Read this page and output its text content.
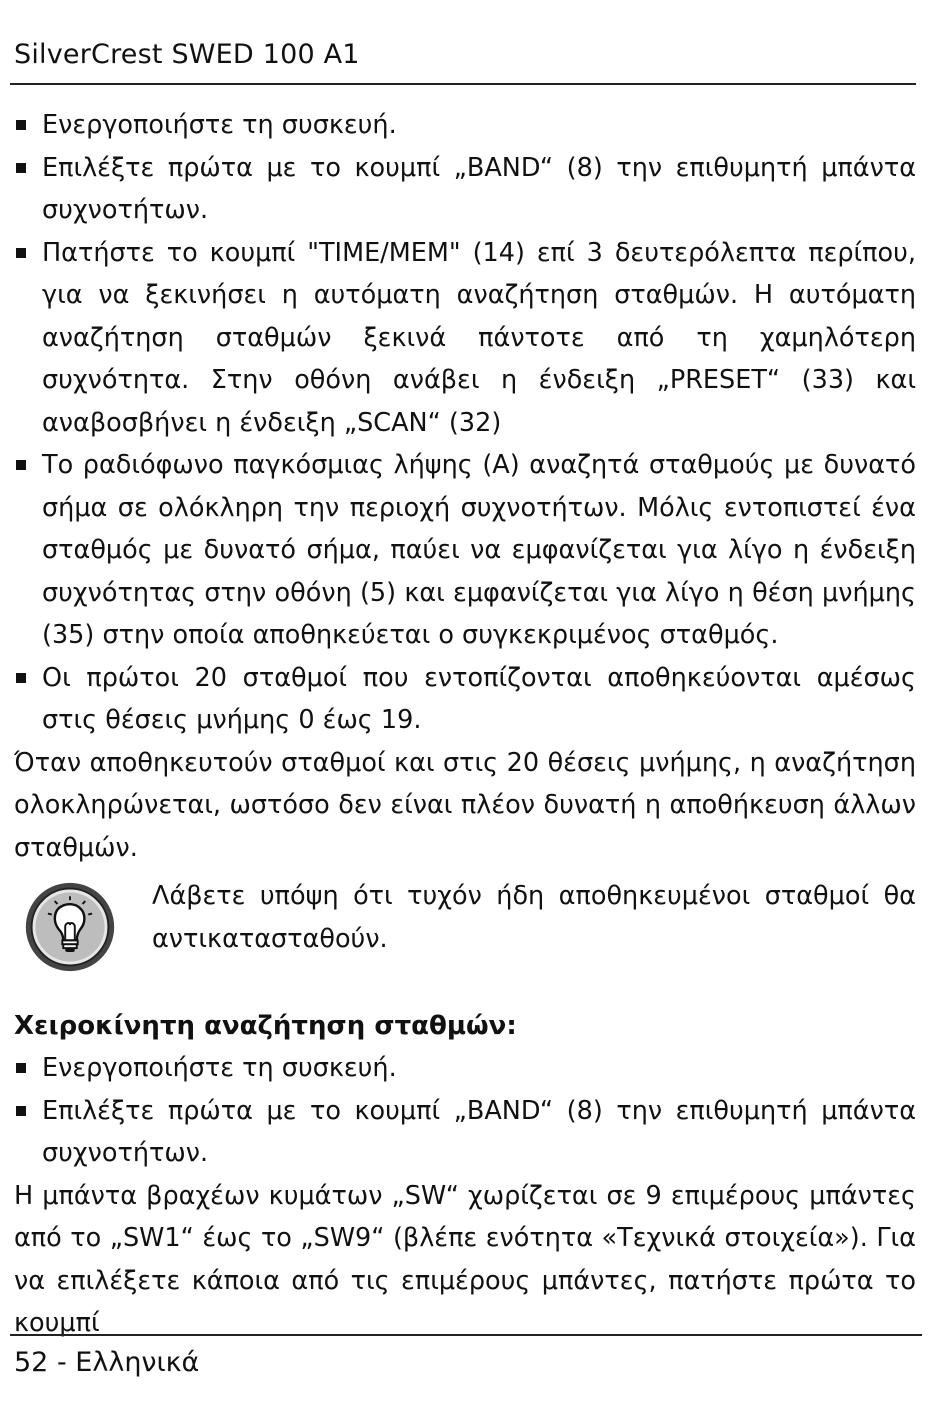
SilverCrest SWED 100 A1
Ενεργοποιήστε τη συσκευή.
Επιλέξτε πρώτα με το κουμπί „BAND“ (8) την επιθυμητή μπάντα συχνοτήτων.
Πατήστε το κουμπί "TIME/MEM" (14) επί 3 δευτερόλεπτα περίπου, για να ξεκινήσει η αυτόματη αναζήτηση σταθμών. Η αυτόματη αναζήτηση σταθμών ξεκινά πάντοτε από τη χαμηλότερη συχνότητα. Στην οθόνη ανάβει η ένδειξη „PRESET“ (33) και αναβοσβήνει η ένδειξη „SCAN“ (32)
Το ραδιόφωνο παγκόσμιας λήψης (A) αναζητά σταθμούς με δυνατό σήμα σε ολόκληρη την περιοχή συχνοτήτων. Μόλις εντοπιστεί ένα σταθμός με δυνατό σήμα, παύει να εμφανίζεται για λίγο η ένδειξη συχνότητας στην οθόνη (5) και εμφανίζεται για λίγο η θέση μνήμης (35) στην οποία αποθηκεύεται ο συγκεκριμένος σταθμός.
Οι πρώτοι 20 σταθμοί που εντοπίζονται αποθηκεύονται αμέσως στις θέσεις μνήμης 0 έως 19.

Όταν αποθηκευτούν σταθμοί και στις 20 θέσεις μνήμης, η αναζήτηση ολοκληρώνεται, ωστόσο δεν είναι πλέον δυνατή η αποθήκευση άλλων σταθμών.

Λάβετε υπόψη ότι τυχόν ήδη αποθηκευμένοι σταθμοί θα αντικατασταθούν.
Χειροκίνητη αναζήτηση σταθμών:
Ενεργοποιήστε τη συσκευή.
Επιλέξτε πρώτα με το κουμπί „BAND“ (8) την επιθυμητή μπάντα συχνοτήτων.

Η μπάντα βραχέων κυμάτων „SW“ χωρίζεται σε 9 επιμέρους μπάντες από το „SW1“ έως το „SW9“ (βλέπε ενότητα «Τεχνικά στοιχεία»). Για να επιλέξετε κάποια από τις επιμέρους μπάντες, πατήστε πρώτα το κουμπί

52 - Ελληνικά
